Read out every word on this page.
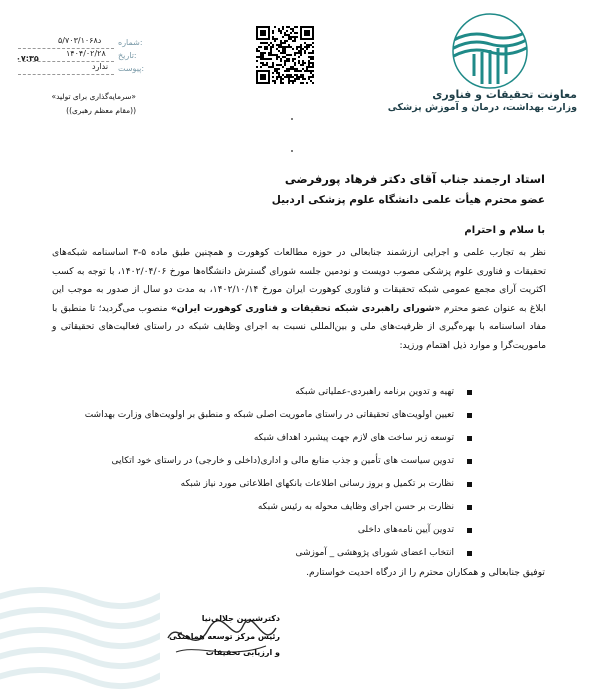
شماره:
۵/۷۰۳/۱۰۶۸د
تاریخ:
۱۴۰۴/۰۲/۲۸
۰۷:۳۵
پیوست:
ندارد
«سرمایه‌گذاری برای تولید»
((مقام معظم رهبری))
معاونت تحقیقات و فناوری
وزارت بهداشت، درمان و آموزش پزشکی
استاد ارجمند جناب آقای دکتر فرهاد پورفرضی
عضو محترم هیأت علمی دانشگاه علوم پزشکی اردبیل
با سلام و احترام
نظر به تجارب علمی و اجرایی ارزشمند جنابعالی در حوزه مطالعات کوهورت و همچنین طبق ماده ۵-۳ اساسنامه شبکه‌های تحقیقات و فناوری علوم پزشکی مصوب دویست و نودمین جلسه شورای گسترش دانشگاه‌ها مورخ ۱۴۰۲/۰۴/۰۶، با توجه به کسب اکثریت آرای مجمع عمومی شبکه تحقیقات و فناوری کوهورت ایران مورخ ۱۴۰۲/۱۰/۱۴، به مدت دو سال از صدور به موجب این ابلاغ به عنوان عضو محترم «شورای راهبردی شبکه تحقیقات و فناوری کوهورت ایران» منصوب می‌گردید؛ تا منطبق با مفاد اساسنامه با بهره‌گیری از ظرفیت‌های ملی و بین‌المللی نسبت به اجرای وظایف شبکه در راستای فعالیت‌های تحقیقاتی و ماموریت‌گرا و موارد ذیل اهتمام ورزید:
تهیه و تدوین برنامه راهبردی-عملیاتی شبکه
تعیین اولویت‌های تحقیقاتی در راستای ماموریت اصلی شبکه و منطبق بر اولویت‌های وزارت بهداشت
توسعه زیر ساخت های لازم جهت پیشبرد اهداف شبکه
تدوین سیاست های تأمین و جذب منابع مالی و اداری(داخلی و خارجی) در راستای خود اتکایی
نظارت بر تکمیل و بروز رسانی اطلاعات بانکهای اطلاعاتی مورد نیاز شبکه
نظارت بر حسن اجرای وظایف محوله به رئیس شبکه
تدوین آیین نامه‌های داخلی
انتخاب اعضای شورای پژوهشی _ آموزشی
توفیق جنابعالی و همکاران محترم را از درگاه احدیت خواستارم.
دکترشیرین جلالی‌نیا
رئیس مرکز توسعه هماهنگی
و ارزیابی تحقیقات
